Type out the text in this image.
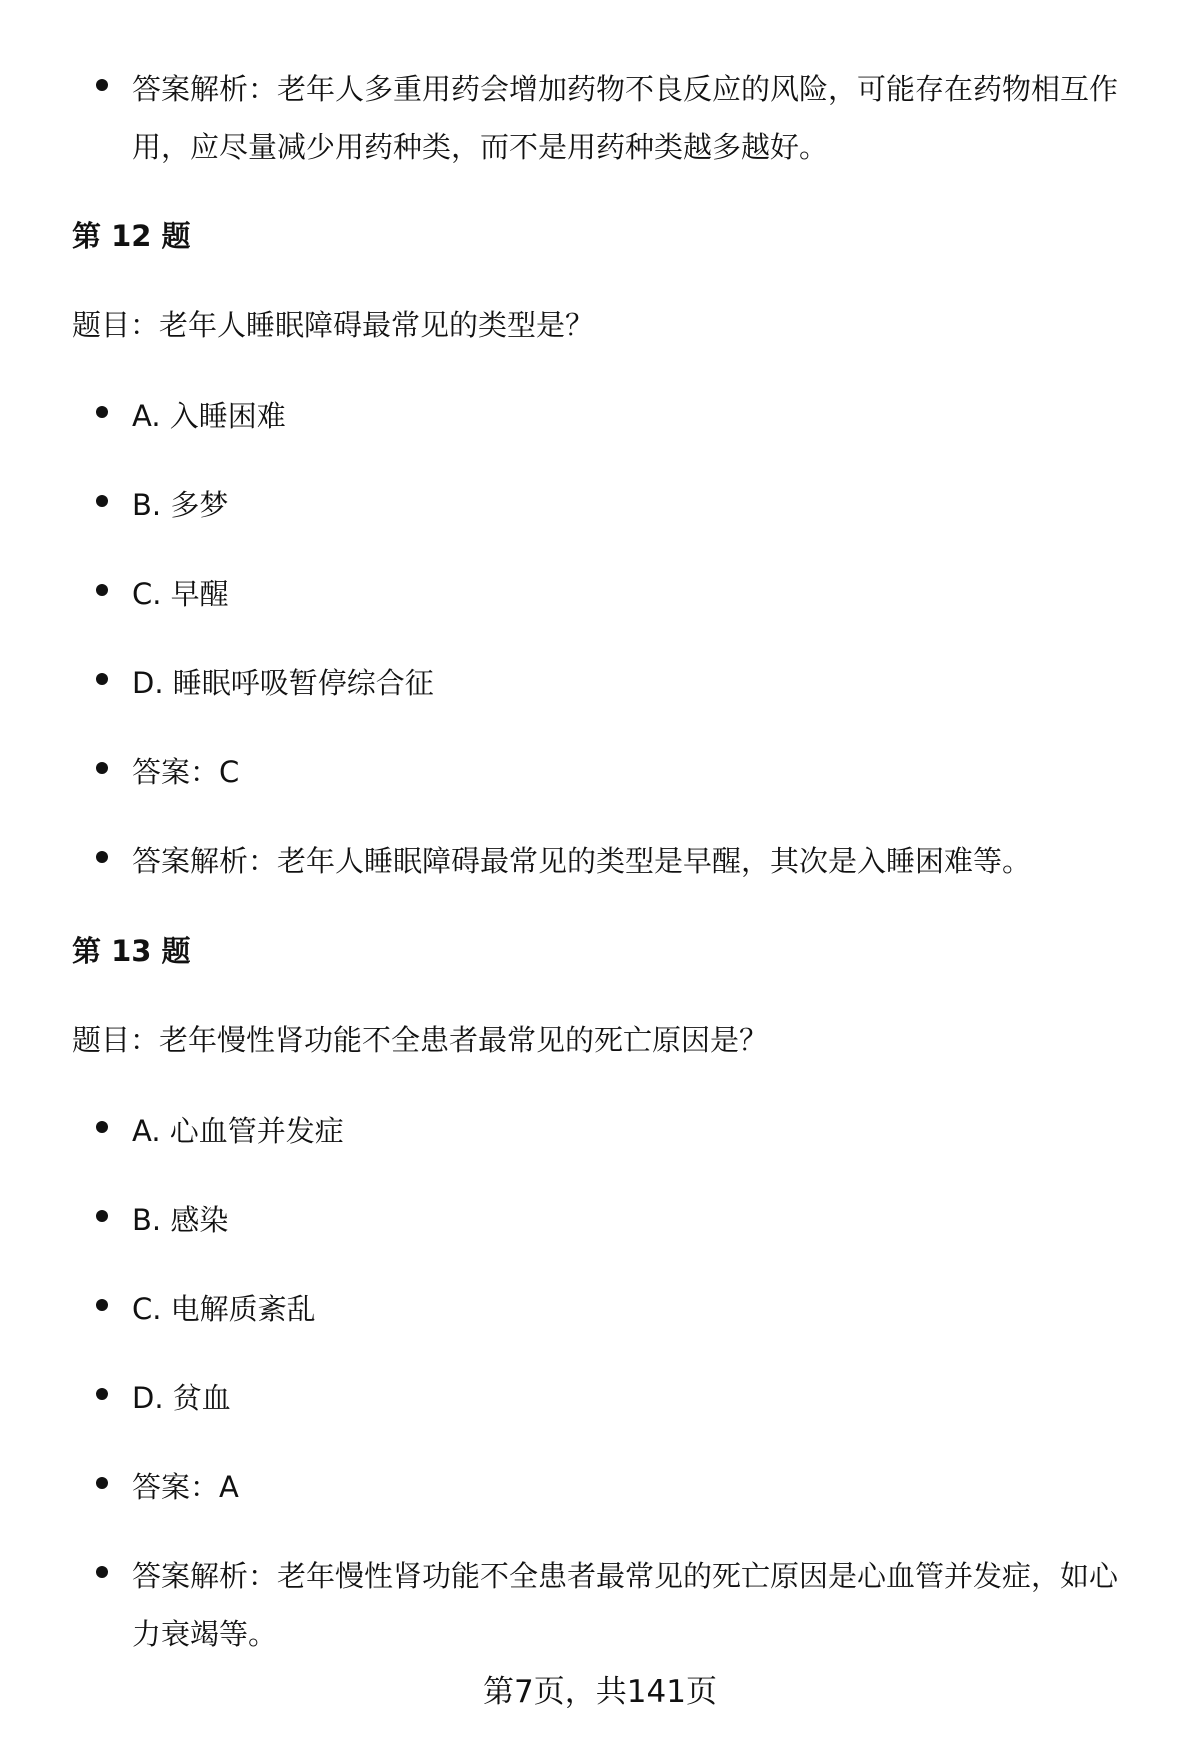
答案解析：老年人多重用药会增加药物不良反应的风险，可能存在药物相互作
用，应尽量减少用药种类，而不是用药种类越多越好。
第 12 题
题目：老年人睡眠障碍最常见的类型是？
A. 入睡困难
B. 多梦
C. 早醒
D. 睡眠呼吸暂停综合征
答案：C
答案解析：老年人睡眠障碍最常见的类型是早醒，其次是入睡困难等。
第 13 题
题目：老年慢性肾功能不全患者最常见的死亡原因是？
A. 心血管并发症
B. 感染
C. 电解质紊乱
D. 贫血
答案：A
答案解析：老年慢性肾功能不全患者最常见的死亡原因是心血管并发症，如心
力衰竭等。
第7页，共141页
